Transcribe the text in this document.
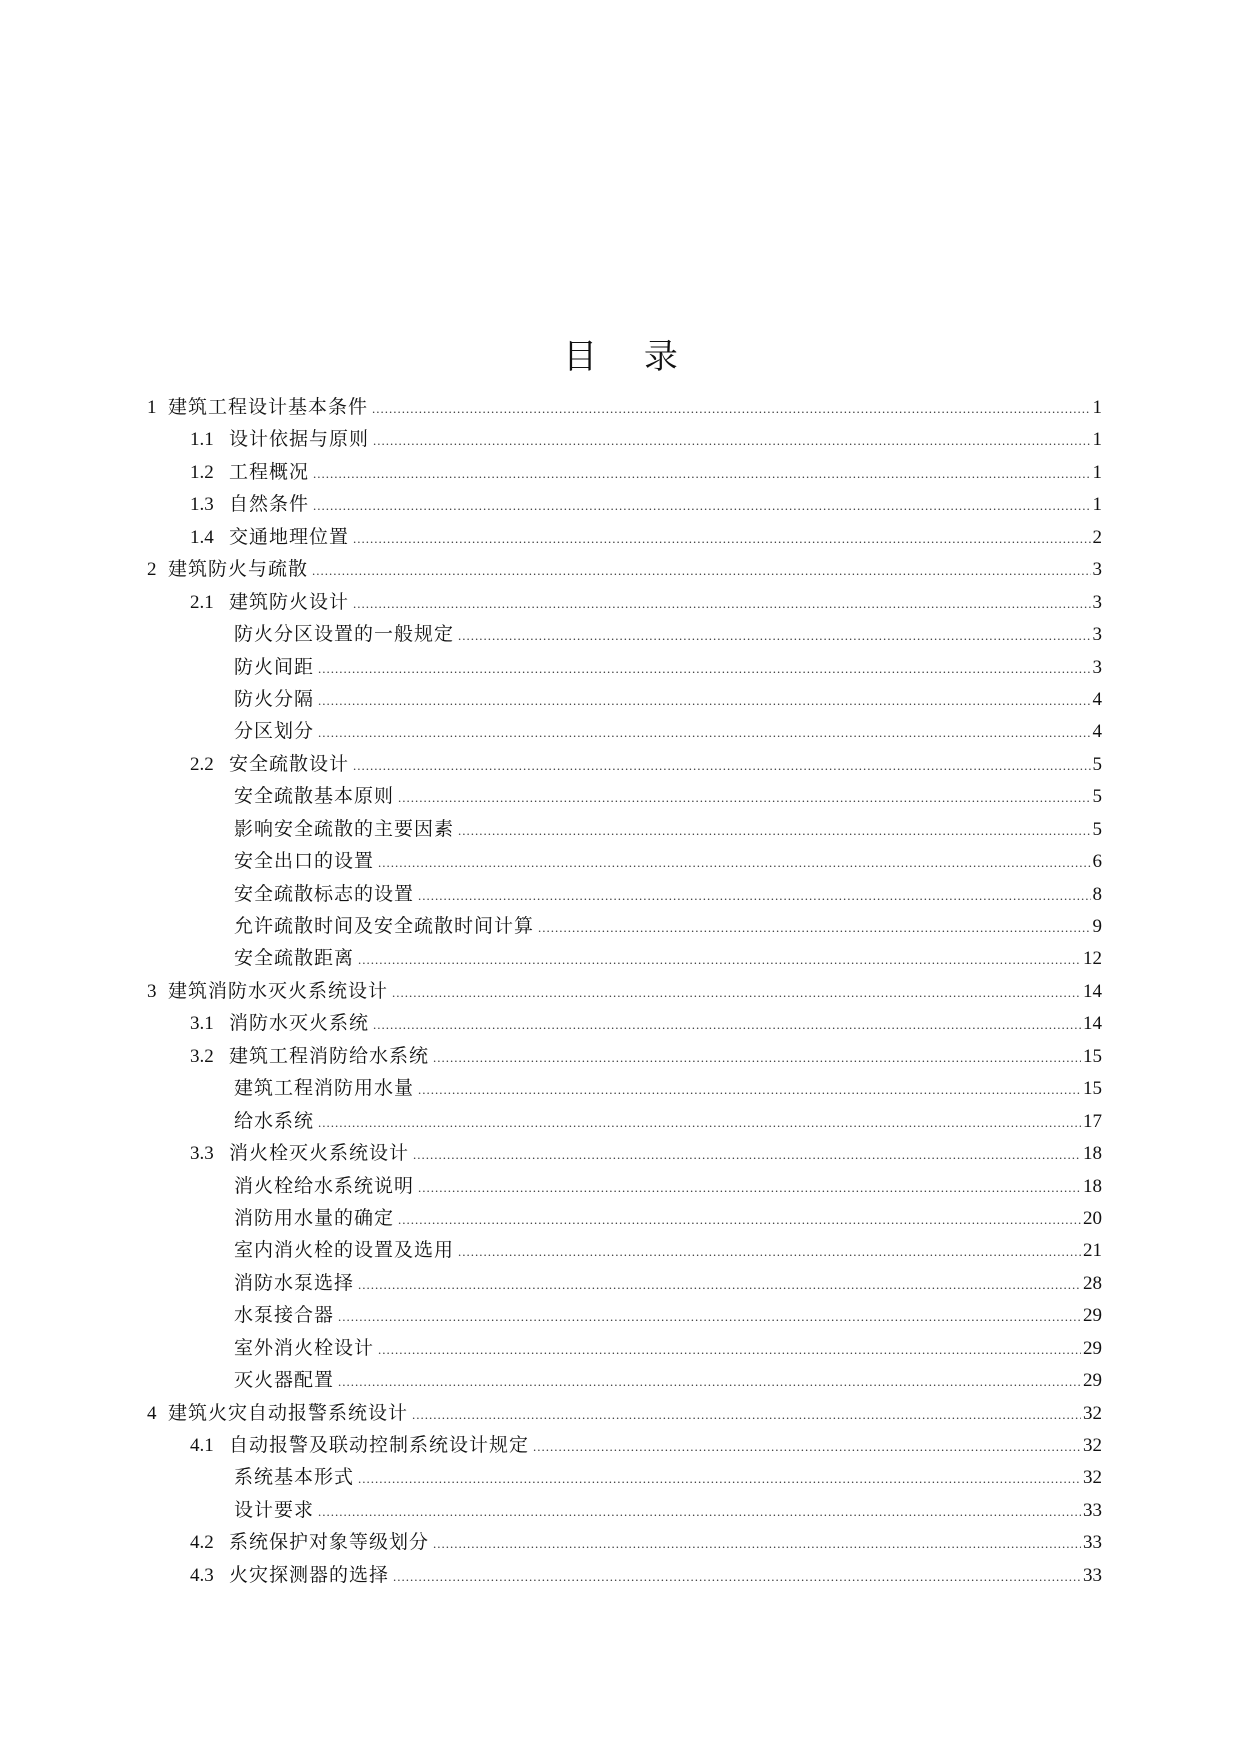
目 录
1 建筑工程设计基本条件 .....	1
1.1 设计依据与原则 .....	1
1.2 工程概况 .....	1
1.3 自然条件 .....	1
1.4 交通地理位置 .....	2
2 建筑防火与疏散 .....	3
2.1 建筑防火设计 .....	3
防火分区设置的一般规定 .....	3
防火间距 .....	3
防火分隔 .....	4
分区划分 .....	4
2.2 安全疏散设计 .....	5
安全疏散基本原则 .....	5
影响安全疏散的主要因素 .....	5
安全出口的设置 .....	6
安全疏散标志的设置 .....	8
允许疏散时间及安全疏散时间计算 .....	9
安全疏散距离 .....	12
3 建筑消防水灭火系统设计 .....	14
3.1 消防水灭火系统 .....	14
3.2 建筑工程消防给水系统 .....	15
建筑工程消防用水量 .....	15
给水系统 .....	17
3.3 消火栓灭火系统设计 .....	18
消火栓给水系统说明 .....	18
消防用水量的确定 .....	20
室内消火栓的设置及选用 .....	21
消防水泵选择 .....	28
水泵接合器 .....	29
室外消火栓设计 .....	29
灭火器配置 .....	29
4 建筑火灾自动报警系统设计 .....	32
4.1 自动报警及联动控制系统设计规定 .....	32
系统基本形式 .....	32
设计要求 .....	33
4.2 系统保护对象等级划分 .....	33
4.3 火灾探测器的选择 .....	33
